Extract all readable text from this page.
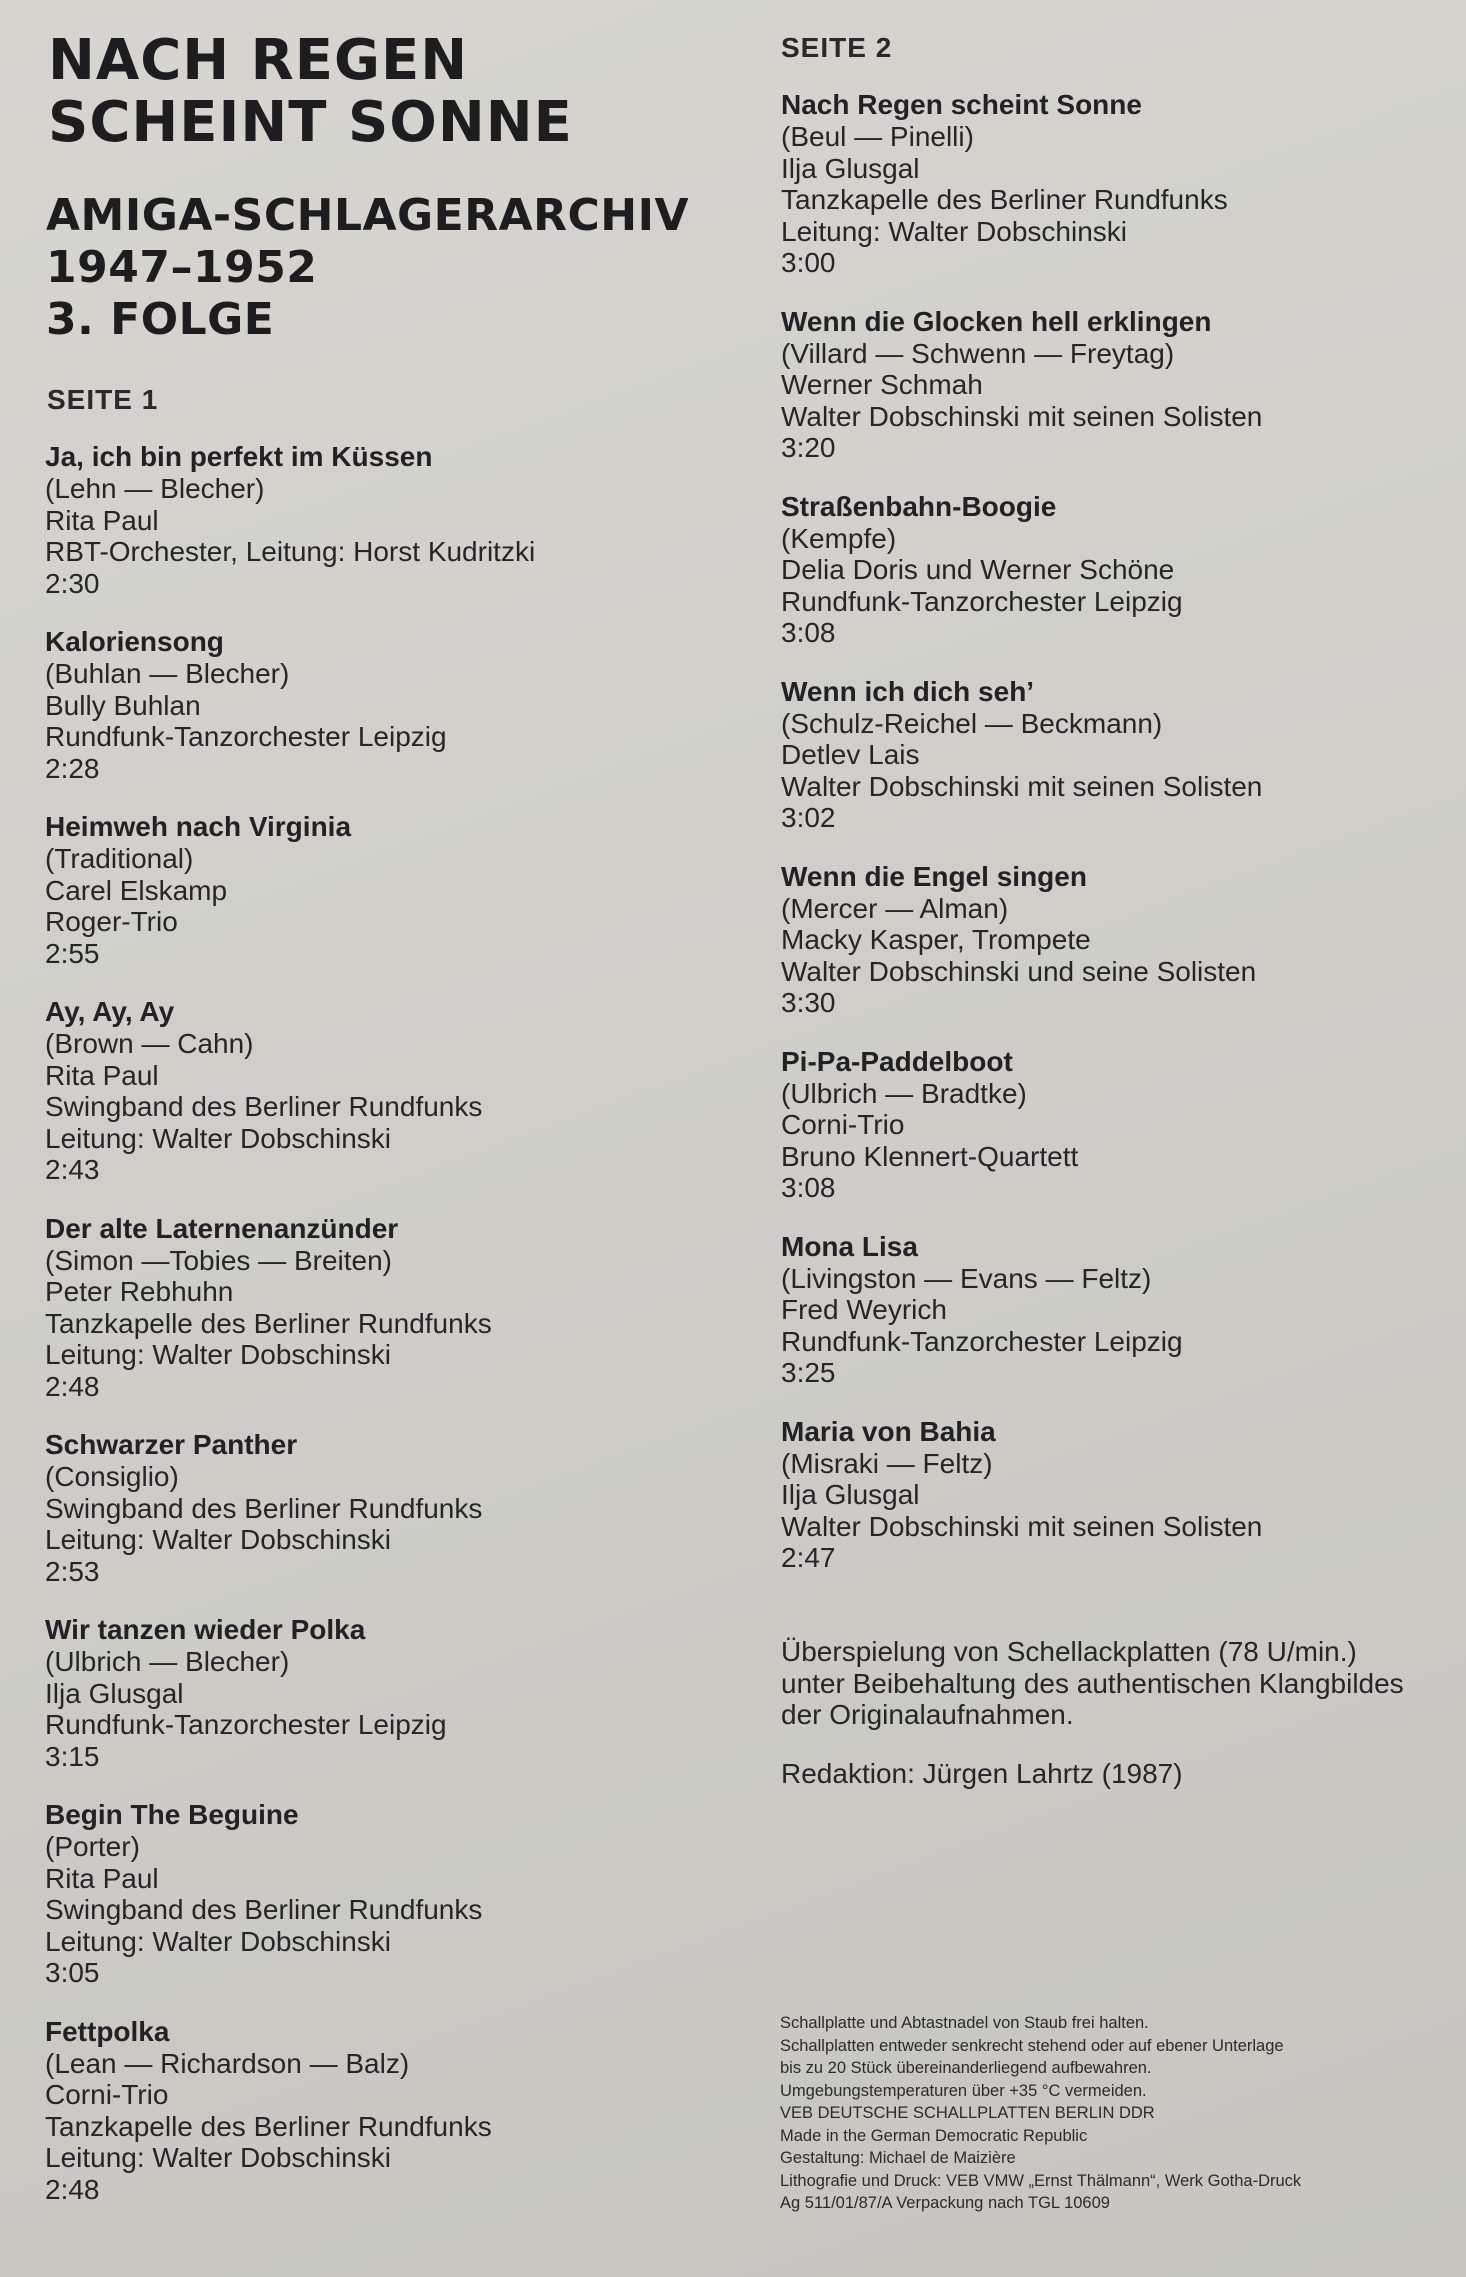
NACH REGEN
SCHEINT SONNE
AMIGA-SCHLAGERARCHIV
1947–1952
3. FOLGE
SEITE 1
SEITE 2
Ja, ich bin perfekt im Küssen
(Lehn — Blecher)
Rita Paul
RBT-Orchester, Leitung: Horst Kudritzki
2:30
Kaloriensong
(Buhlan — Blecher)
Bully Buhlan
Rundfunk-Tanzorchester Leipzig
2:28
Heimweh nach Virginia
(Traditional)
Carel Elskamp
Roger-Trio
2:55
Ay, Ay, Ay
(Brown — Cahn)
Rita Paul
Swingband des Berliner Rundfunks
Leitung: Walter Dobschinski
2:43
Der alte Laternenanzünder
(Simon —Tobies — Breiten)
Peter Rebhuhn
Tanzkapelle des Berliner Rundfunks
Leitung: Walter Dobschinski
2:48
Schwarzer Panther
(Consiglio)
Swingband des Berliner Rundfunks
Leitung: Walter Dobschinski
2:53
Wir tanzen wieder Polka
(Ulbrich — Blecher)
Ilja Glusgal
Rundfunk-Tanzorchester Leipzig
3:15
Begin The Beguine
(Porter)
Rita Paul
Swingband des Berliner Rundfunks
Leitung: Walter Dobschinski
3:05
Fettpolka
(Lean — Richardson — Balz)
Corni-Trio
Tanzkapelle des Berliner Rundfunks
Leitung: Walter Dobschinski
2:48
Nach Regen scheint Sonne
(Beul — Pinelli)
Ilja Glusgal
Tanzkapelle des Berliner Rundfunks
Leitung: Walter Dobschinski
3:00
Wenn die Glocken hell erklingen
(Villard — Schwenn — Freytag)
Werner Schmah
Walter Dobschinski mit seinen Solisten
3:20
Straßenbahn-Boogie
(Kempfe)
Delia Doris und Werner Schöne
Rundfunk-Tanzorchester Leipzig
3:08
Wenn ich dich seh’
(Schulz-Reichel — Beckmann)
Detlev Lais
Walter Dobschinski mit seinen Solisten
3:02
Wenn die Engel singen
(Mercer — Alman)
Macky Kasper, Trompete
Walter Dobschinski und seine Solisten
3:30
Pi-Pa-Paddelboot
(Ulbrich — Bradtke)
Corni-Trio
Bruno Klennert-Quartett
3:08
Mona Lisa
(Livingston — Evans — Feltz)
Fred Weyrich
Rundfunk-Tanzorchester Leipzig
3:25
Maria von Bahia
(Misraki — Feltz)
Ilja Glusgal
Walter Dobschinski mit seinen Solisten
2:47

Überspielung von Schellackplatten (78 U/min.)

unter Beibehaltung des authentischen Klangbildes

der Originalaufnahmen.

Redaktion: Jürgen Lahrtz (1987)

Schallplatte und Abtastnadel von Staub frei halten.
Schallplatten entweder senkrecht stehend oder auf ebener Unterlage
bis zu 20 Stück übereinanderliegend aufbewahren.
Umgebungstemperaturen über +35 °C vermeiden.
VEB DEUTSCHE SCHALLPLATTEN BERLIN DDR
Made in the German Democratic Republic
Gestaltung: Michael de Maizière
Lithografie und Druck: VEB VMW „Ernst Thälmann“, Werk Gotha-Druck
Ag 511/01/87/A Verpackung nach TGL 10609
